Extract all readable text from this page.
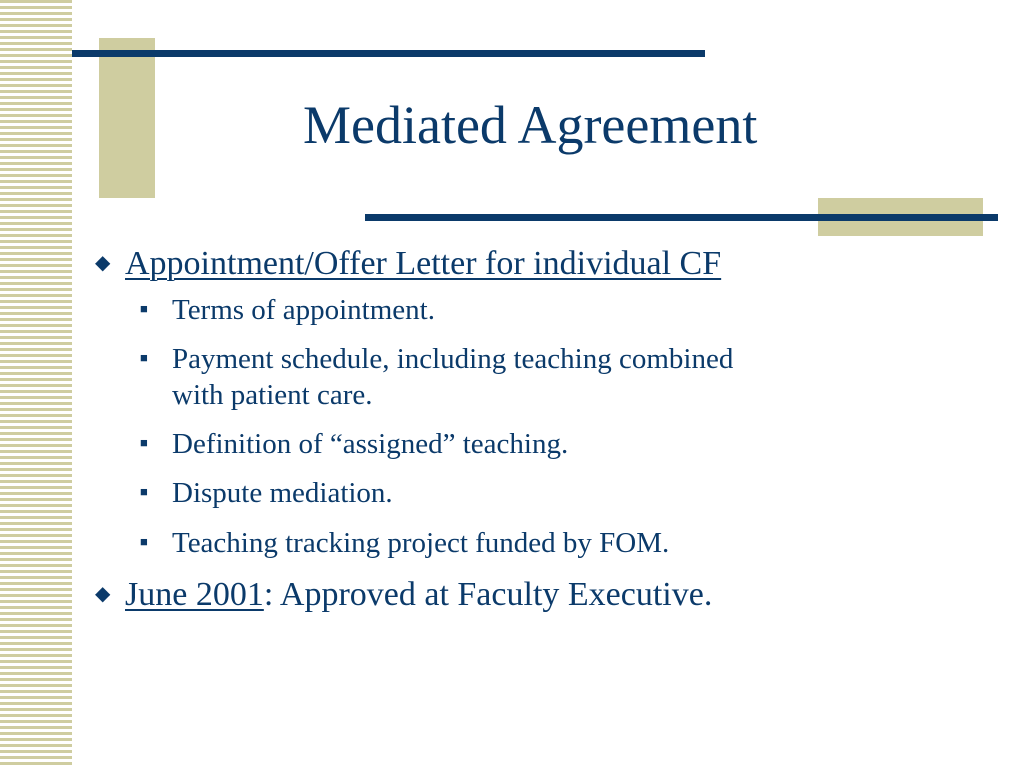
Mediated Agreement
◆ Appointment/Offer Letter for individual CF
■ Terms of appointment.
■ Payment schedule, including teaching combined with patient care.
■ Definition of “assigned” teaching.
■ Dispute mediation.
■ Teaching tracking project funded by FOM.
◆ June 2001: Approved at Faculty Executive.
